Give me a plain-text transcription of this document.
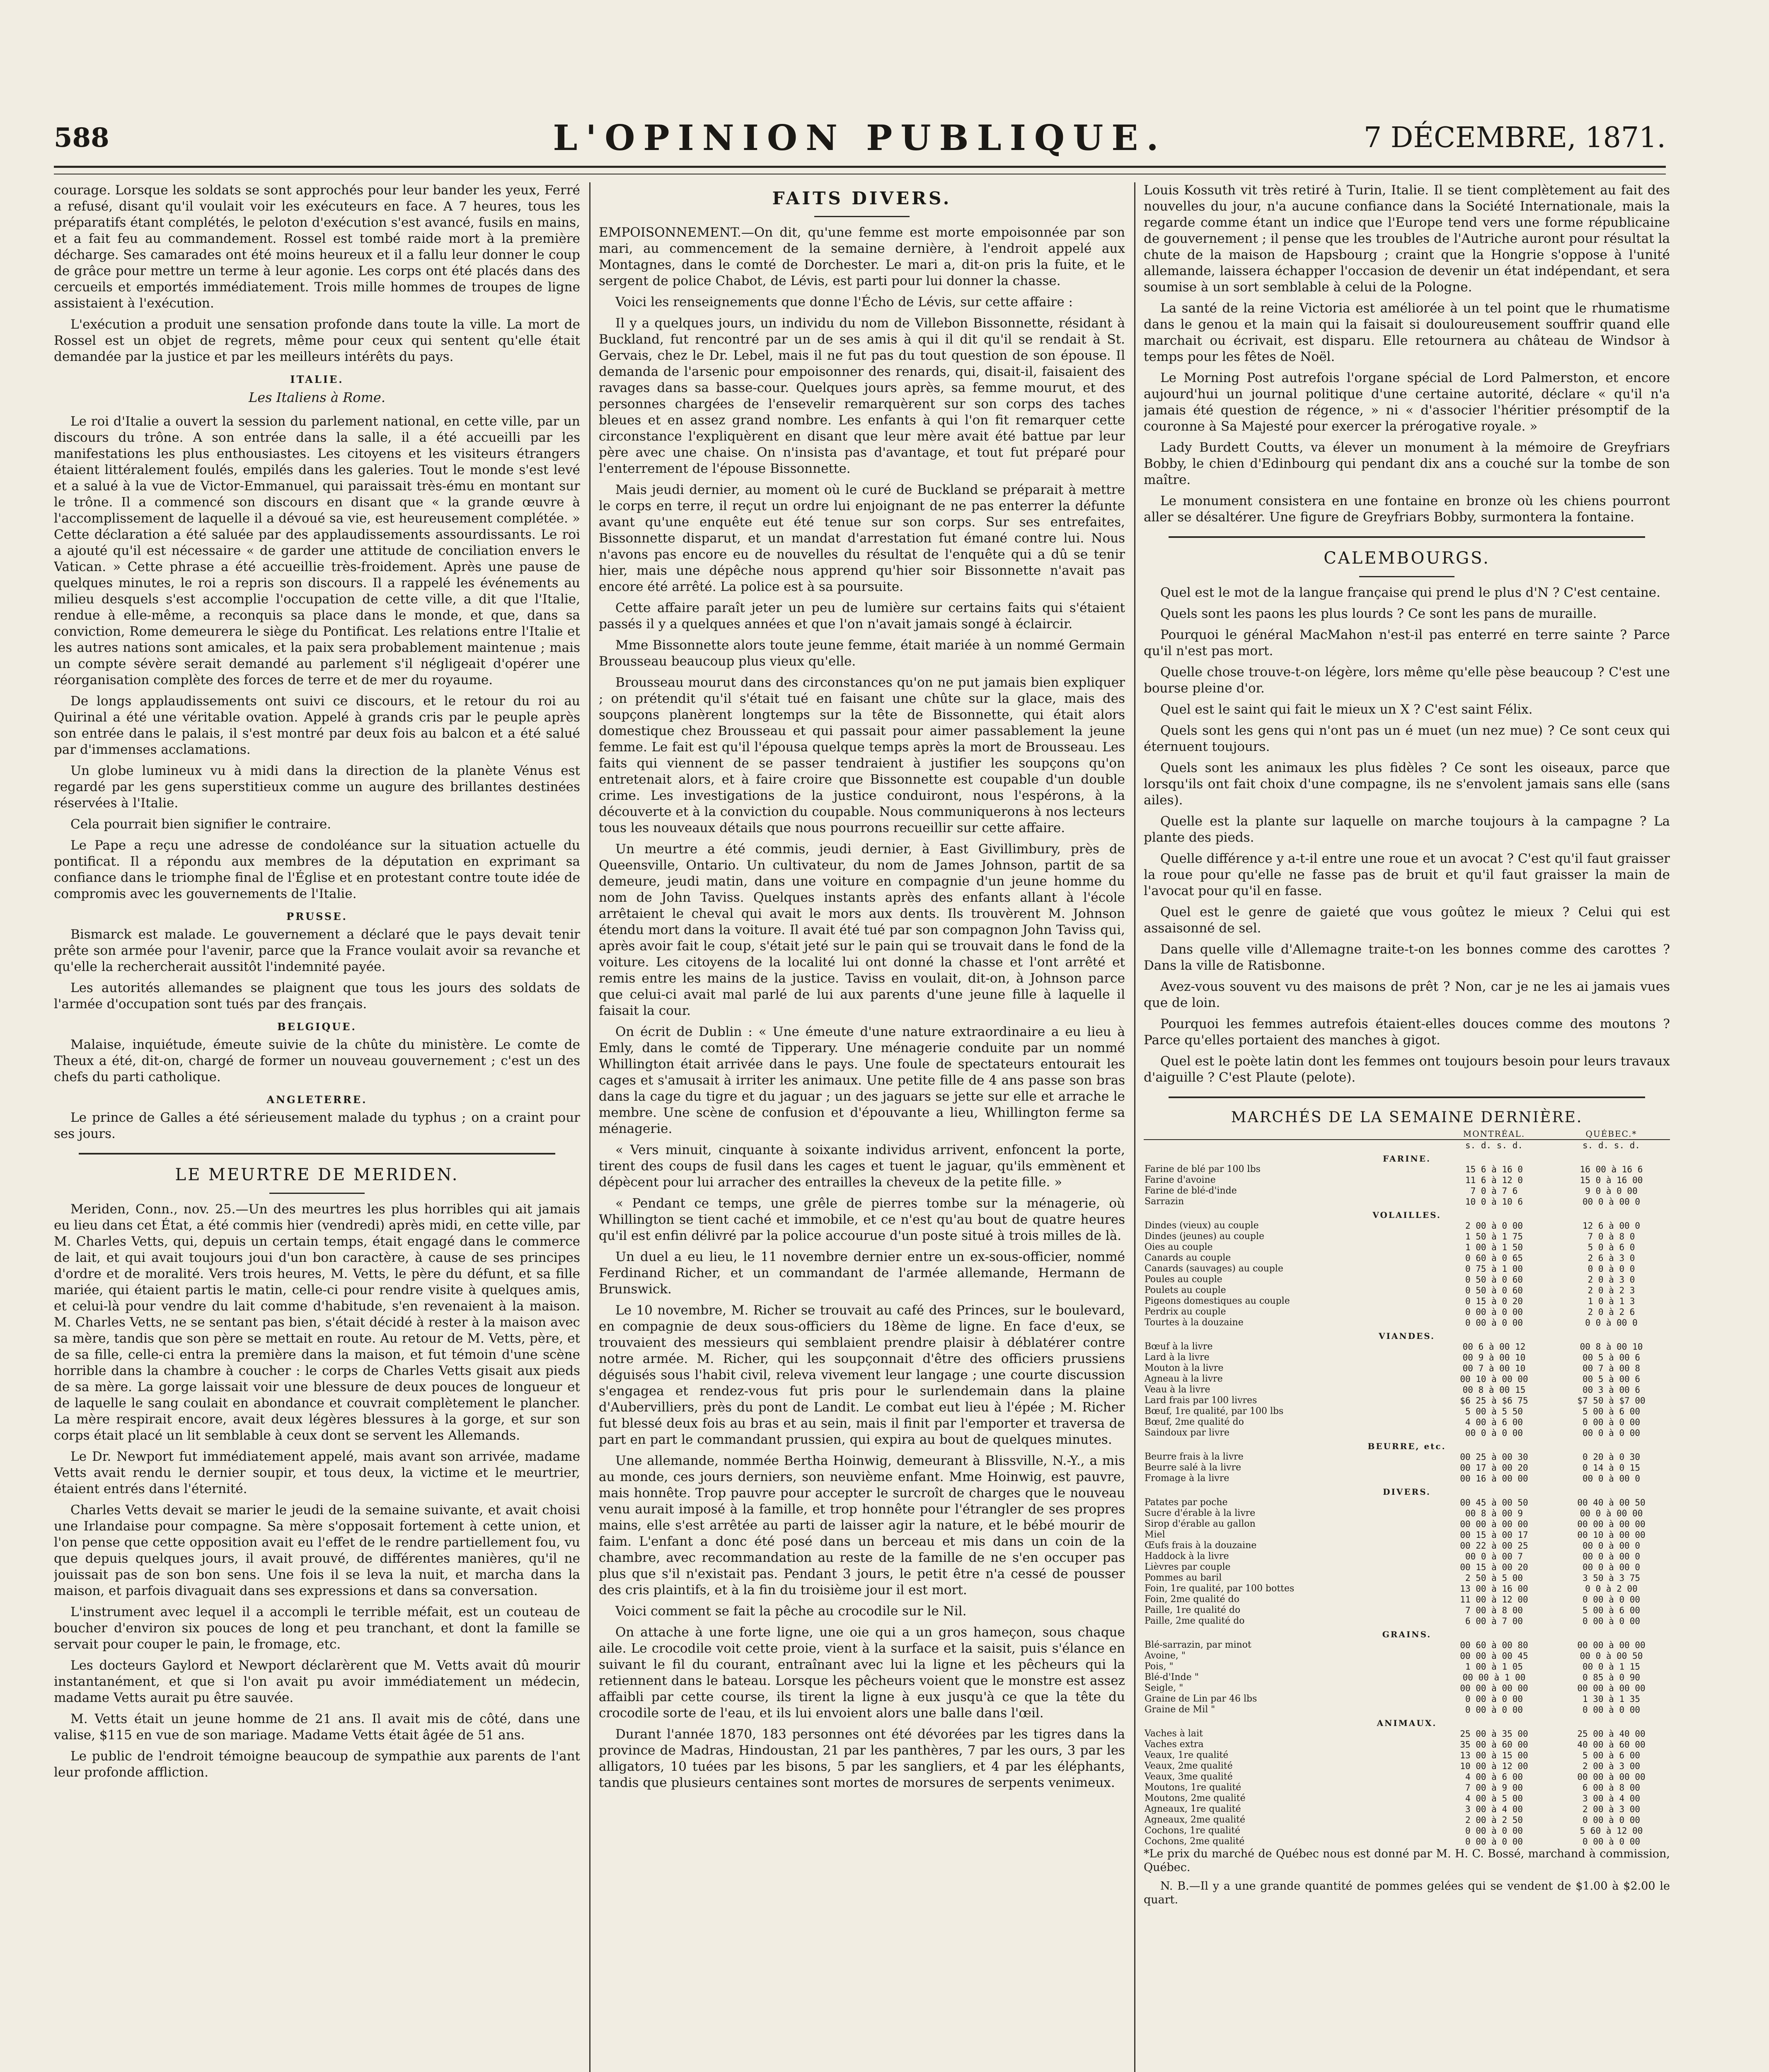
588	L'OPINION PUBLIQUE.	7 DÉCEMBRE, 1871.

courage. Lorsque les soldats se sont approchés pour leur bander les yeux, Ferré a refusé, disant qu'il voulait voir les exécuteurs en face. A 7 heures, tous les préparatifs étant complétés, le peloton d'exécution s'est avancé, fusils en mains, et a fait feu au commandement. Rossel est tombé raide mort à la première décharge. Ses camarades ont été moins heureux et il a fallu leur donner le coup de grâce pour mettre un terme à leur agonie. Les corps ont été placés dans des cercueils et emportés immédiatement. Trois mille hommes de troupes de ligne assistaient à l'exécution.

L'exécution a produit une sensation profonde dans toute la ville. La mort de Rossel est un objet de regrets, même pour ceux qui sentent qu'elle était demandée par la justice et par les meilleurs intérêts du pays.

ITALIE.
Les Italiens à Rome.

Le roi d'Italie a ouvert la session du parlement national, en cette ville, par un discours du trône. A son entrée dans la salle, il a été accueilli par les manifestations les plus enthousiastes. Les citoyens et les visiteurs étrangers étaient littéralement foulés, empilés dans les galeries. Tout le monde s'est levé et a salué à la vue de Victor-Emmanuel, qui paraissait très-ému en montant sur le trône. Il a commencé son discours en disant que « la grande œuvre à l'accomplissement de laquelle il a dévoué sa vie, est heureusement complétée. » Cette déclaration a été saluée par des applaudissements assourdissants. Le roi a ajouté qu'il est nécessaire « de garder une attitude de conciliation envers le Vatican. » Cette phrase a été accueillie très-froidement. Après une pause de quelques minutes, le roi a repris son discours. Il a rappelé les événements au milieu desquels s'est accomplie l'occupation de cette ville, a dit que l'Italie, rendue à elle-même, a reconquis sa place dans le monde, et que, dans sa conviction, Rome demeurera le siège du Pontificat. Les relations entre l'Italie et les autres nations sont amicales, et la paix sera probablement maintenue ; mais un compte sévère serait demandé au parlement s'il négligeait d'opérer une réorganisation complète des forces de terre et de mer du royaume.

De longs applaudissements ont suivi ce discours, et le retour du roi au Quirinal a été une véritable ovation. Appelé à grands cris par le peuple après son entrée dans le palais, il s'est montré par deux fois au balcon et a été salué par d'immenses acclamations.

Un globe lumineux vu à midi dans la direction de la planète Vénus est regardé par les gens superstitieux comme un augure des brillantes destinées réservées à l'Italie.

Cela pourrait bien signifier le contraire.

Le Pape a reçu une adresse de condoléance sur la situation actuelle du pontificat. Il a répondu aux membres de la députation en exprimant sa confiance dans le triomphe final de l'Église et en protestant contre toute idée de compromis avec les gouvernements de l'Italie.

PRUSSE.

Bismarck est malade. Le gouvernement a déclaré que le pays devait tenir prête son armée pour l'avenir, parce que la France voulait avoir sa revanche et qu'elle la rechercherait aussitôt l'indemnité payée.

Les autorités allemandes se plaignent que tous les jours des soldats de l'armée d'occupation sont tués par des français.

BELGIQUE.

Malaise, inquiétude, émeute suivie de la chûte du ministère. Le comte de Theux a été, dit-on, chargé de former un nouveau gouvernement ; c'est un des chefs du parti catholique.

ANGLETERRE.

Le prince de Galles a été sérieusement malade du typhus ; on a craint pour ses jours.

LE MEURTRE DE MERIDEN.

Meriden, Conn., nov. 25.—Un des meurtres les plus horribles qui ait jamais eu lieu dans cet État, a été commis hier (vendredi) après midi, en cette ville, par M. Charles Vetts, qui, depuis un certain temps, était engagé dans le commerce de lait, et qui avait toujours joui d'un bon caractère, à cause de ses principes d'ordre et de moralité. Vers trois heures, M. Vetts, le père du défunt, et sa fille mariée, qui étaient partis le matin, celle-ci pour rendre visite à quelques amis, et celui-là pour vendre du lait comme d'habitude, s'en revenaient à la maison. M. Charles Vetts, ne se sentant pas bien, s'était décidé à rester à la maison avec sa mère, tandis que son père se mettait en route. Au retour de M. Vetts, père, et de sa fille, celle-ci entra la première dans la maison, et fut témoin d'une scène horrible dans la chambre à coucher : le corps de Charles Vetts gisait aux pieds de sa mère. La gorge laissait voir une blessure de deux pouces de longueur et de laquelle le sang coulait en abondance et couvrait complètement le plancher. La mère respirait encore, avait deux légères blessures à la gorge, et sur son corps était placé un lit semblable à ceux dont se servent les Allemands.

Le Dr. Newport fut immédiatement appelé, mais avant son arrivée, madame Vetts avait rendu le dernier soupir, et tous deux, la victime et le meurtrier, étaient entrés dans l'éternité.

Charles Vetts devait se marier le jeudi de la semaine suivante, et avait choisi une Irlandaise pour compagne. Sa mère s'opposait fortement à cette union, et l'on pense que cette opposition avait eu l'effet de le rendre partiellement fou, vu que depuis quelques jours, il avait prouvé, de différentes manières, qu'il ne jouissait pas de son bon sens. Une fois il se leva la nuit, et marcha dans la maison, et parfois divaguait dans ses expressions et dans sa conversation.

L'instrument avec lequel il a accompli le terrible méfait, est un couteau de boucher d'environ six pouces de long et peu tranchant, et dont la famille se servait pour couper le pain, le fromage, etc.

Les docteurs Gaylord et Newport déclarèrent que M. Vetts avait dû mourir instantanément, et que si l'on avait pu avoir immédiatement un médecin, madame Vetts aurait pu être sauvée.

M. Vetts était un jeune homme de 21 ans. Il avait mis de côté, dans une valise, $115 en vue de son mariage. Madame Vetts était âgée de 51 ans.

Le public de l'endroit témoigne beaucoup de sympathie aux parents de l'ant leur profonde affliction.

FAITS DIVERS.

EMPOISONNEMENT.—On dit, qu'une femme est morte empoisonnée par son mari, au commencement de la semaine dernière, à l'endroit appelé aux Montagnes, dans le comté de Dorchester. Le mari a, dit-on pris la fuite, et le sergent de police Chabot, de Lévis, est parti pour lui donner la chasse.

Voici les renseignements que donne l'Écho de Lévis, sur cette affaire :

Il y a quelques jours, un individu du nom de Villebon Bissonnette, résidant à Buckland, fut rencontré par un de ses amis à qui il dit qu'il se rendait à St. Gervais, chez le Dr. Lebel, mais il ne fut pas du tout question de son épouse. Il demanda de l'arsenic pour empoisonner des renards, qui, disait-il, faisaient des ravages dans sa basse-cour. Quelques jours après, sa femme mourut, et des personnes chargées de l'ensevelir remarquèrent sur son corps des taches bleues et en assez grand nombre. Les enfants à qui l'on fit remarquer cette circonstance l'expliquèrent en disant que leur mère avait été battue par leur père avec une chaise. On n'insista pas d'avantage, et tout fut préparé pour l'enterrement de l'épouse Bissonnette.

Mais jeudi dernier, au moment où le curé de Buckland se préparait à mettre le corps en terre, il reçut un ordre lui enjoignant de ne pas enterrer la défunte avant qu'une enquête eut été tenue sur son corps. Sur ses entrefaites, Bissonnette disparut, et un mandat d'arrestation fut émané contre lui. Nous n'avons pas encore eu de nouvelles du résultat de l'enquête qui a dû se tenir hier, mais une dépêche nous apprend qu'hier soir Bissonnette n'avait pas encore été arrêté. La police est à sa poursuite.

Cette affaire paraît jeter un peu de lumière sur certains faits qui s'étaient passés il y a quelques années et que l'on n'avait jamais songé à éclaircir.

Mme Bissonnette alors toute jeune femme, était mariée à un nommé Germain Brousseau beaucoup plus vieux qu'elle.

Brousseau mourut dans des circonstances qu'on ne put jamais bien expliquer ; on prétendit qu'il s'était tué en faisant une chûte sur la glace, mais des soupçons planèrent longtemps sur la tête de Bissonnette, qui était alors domestique chez Brousseau et qui passait pour aimer passablement la jeune femme. Le fait est qu'il l'épousa quelque temps après la mort de Brousseau. Les faits qui viennent de se passer tendraient à justifier les soupçons qu'on entretenait alors, et à faire croire que Bissonnette est coupable d'un double crime. Les investigations de la justice conduiront, nous l'espérons, à la découverte et à la conviction du coupable. Nous communiquerons à nos lecteurs tous les nouveaux détails que nous pourrons recueillir sur cette affaire.

Un meurtre a été commis, jeudi dernier, à East Givillimbury, près de Queensville, Ontario. Un cultivateur, du nom de James Johnson, partit de sa demeure, jeudi matin, dans une voiture en compagnie d'un jeune homme du nom de John Taviss. Quelques instants après des enfants allant à l'école arrêtaient le cheval qui avait le mors aux dents. Ils trouvèrent M. Johnson étendu mort dans la voiture. Il avait été tué par son compagnon John Taviss qui, après avoir fait le coup, s'était jeté sur le pain qui se trouvait dans le fond de la voiture. Les citoyens de la localité lui ont donné la chasse et l'ont arrêté et remis entre les mains de la justice. Taviss en voulait, dit-on, à Johnson parce que celui-ci avait mal parlé de lui aux parents d'une jeune fille à laquelle il faisait la cour.

On écrit de Dublin : « Une émeute d'une nature extraordinaire a eu lieu à Emly, dans le comté de Tipperary. Une ménagerie conduite par un nommé Whillington était arrivée dans le pays. Une foule de spectateurs entourait les cages et s'amusait à irriter les animaux. Une petite fille de 4 ans passe son bras dans la cage du tigre et du jaguar ; un des jaguars se jette sur elle et arrache le membre. Une scène de confusion et d'épouvante a lieu, Whillington ferme sa ménagerie.

« Vers minuit, cinquante à soixante individus arrivent, enfoncent la porte, tirent des coups de fusil dans les cages et tuent le jaguar, qu'ils emmènent et dépècent pour lui arracher des entrailles la cheveux de la petite fille. »

« Pendant ce temps, une grêle de pierres tombe sur la ménagerie, où Whillington se tient caché et immobile, et ce n'est qu'au bout de quatre heures qu'il est enfin délivré par la police accourue d'un poste situé à trois milles de là.

Un duel a eu lieu, le 11 novembre dernier entre un ex-sous-officier, nommé Ferdinand Richer, et un commandant de l'armée allemande, Hermann de Brunswick.

Le 10 novembre, M. Richer se trouvait au café des Princes, sur le boulevard, en compagnie de deux sous-officiers du 18ème de ligne. En face d'eux, se trouvaient des messieurs qui semblaient prendre plaisir à déblatérer contre notre armée. M. Richer, qui les soupçonnait d'être des officiers prussiens déguisés sous l'habit civil, releva vivement leur langage ; une courte discussion s'engagea et rendez-vous fut pris pour le surlendemain dans la plaine d'Aubervilliers, près du pont de Landit. Le combat eut lieu à l'épée ; M. Richer fut blessé deux fois au bras et au sein, mais il finit par l'emporter et traversa de part en part le commandant prussien, qui expira au bout de quelques minutes.

Une allemande, nommée Bertha Hoinwig, demeurant à Blissville, N.-Y., a mis au monde, ces jours derniers, son neuvième enfant. Mme Hoinwig, est pauvre, mais honnête. Trop pauvre pour accepter le surcroît de charges que le nouveau venu aurait imposé à la famille, et trop honnête pour l'étrangler de ses propres mains, elle s'est arrêtée au parti de laisser agir la nature, et le bébé mourir de faim. L'enfant a donc été posé dans un berceau et mis dans un coin de la chambre, avec recommandation au reste de la famille de ne s'en occuper pas plus que s'il n'existait pas. Pendant 3 jours, le petit être n'a cessé de pousser des cris plaintifs, et à la fin du troisième jour il est mort.

Voici comment se fait la pêche au crocodile sur le Nil.

On attache à une forte ligne, une oie qui a un gros hameçon, sous chaque aile. Le crocodile voit cette proie, vient à la surface et la saisit, puis s'élance en suivant le fil du courant, entraînant avec lui la ligne et les pêcheurs qui la retiennent dans le bateau. Lorsque les pêcheurs voient que le monstre est assez affaibli par cette course, ils tirent la ligne à eux jusqu'à ce que la tête du crocodile sorte de l'eau, et ils lui envoient alors une balle dans l'œil.

Durant l'année 1870, 183 personnes ont été dévorées par les tigres dans la province de Madras, Hindoustan, 21 par les panthères, 7 par les ours, 3 par les alligators, 10 tuées par les bisons, 5 par les sangliers, et 4 par les éléphants, tandis que plusieurs centaines sont mortes de morsures de serpents venimeux.

Louis Kossuth vit très retiré à Turin, Italie. Il se tient complètement au fait des nouvelles du jour, n'a aucune confiance dans la Société Internationale, mais la regarde comme étant un indice que l'Europe tend vers une forme républicaine de gouvernement ; il pense que les troubles de l'Autriche auront pour résultat la chute de la maison de Hapsbourg ; craint que la Hongrie s'oppose à l'unité allemande, laissera échapper l'occasion de devenir un état indépendant, et sera soumise à un sort semblable à celui de la Pologne.

La santé de la reine Victoria est améliorée à un tel point que le rhumatisme dans le genou et la main qui la faisait si douloureusement souffrir quand elle marchait ou écrivait, est disparu. Elle retournera au château de Windsor à temps pour les fêtes de Noël.

Le Morning Post autrefois l'organe spécial de Lord Palmerston, et encore aujourd'hui un journal politique d'une certaine autorité, déclare « qu'il n'a jamais été question de régence, » ni « d'associer l'héritier présomptif de la couronne à Sa Majesté pour exercer la prérogative royale. »

Lady Burdett Coutts, va élever un monument à la mémoire de Greyfriars Bobby, le chien d'Edinbourg qui pendant dix ans a couché sur la tombe de son maître.

Le monument consistera en une fontaine en bronze où les chiens pourront aller se désaltérer. Une figure de Greyfriars Bobby, surmontera la fontaine.

CALEMBOURGS.

Quel est le mot de la langue française qui prend le plus d'N ? C'est centaine.

Quels sont les paons les plus lourds ? Ce sont les pans de muraille.

Pourquoi le général MacMahon n'est-il pas enterré en terre sainte ? Parce qu'il n'est pas mort.

Quelle chose trouve-t-on légère, lors même qu'elle pèse beaucoup ? C'est une bourse pleine d'or.

Quel est le saint qui fait le mieux un X ? C'est saint Félix.

Quels sont les gens qui n'ont pas un é muet (un nez mue) ? Ce sont ceux qui éternuent toujours.

Quels sont les animaux les plus fidèles ? Ce sont les oiseaux, parce que lorsqu'ils ont fait choix d'une compagne, ils ne s'envolent jamais sans elle (sans ailes).

Quelle est la plante sur laquelle on marche toujours à la campagne ? La plante des pieds.

Quelle différence y a-t-il entre une roue et un avocat ? C'est qu'il faut graisser la roue pour qu'elle ne fasse pas de bruit et qu'il faut graisser la main de l'avocat pour qu'il en fasse.

Quel est le genre de gaieté que vous goûtez le mieux ? Celui qui est assaisonné de sel.

Dans quelle ville d'Allemagne traite-t-on les bonnes comme des carottes ? Dans la ville de Ratisbonne.

Avez-vous souvent vu des maisons de prêt ? Non, car je ne les ai jamais vues que de loin.

Pourquoi les femmes autrefois étaient-elles douces comme des moutons ? Parce qu'elles portaient des manches à gigot.

Quel est le poète latin dont les femmes ont toujours besoin pour leurs travaux d'aiguille ? C'est Plaute (pelote).

MARCHÉS DE LA SEMAINE DERNIÈRE.
	MONTRÉAL.	QUÉBEC.*
	s. d. s. d.	s. d. s. d.
FARINE.		
Farine de blé par 100 lbs	15 6 à 16 0	16 00 à 16 6
Farine d'avoine	11 6 à 12 0	15 0 à 16 00
Farine de blé-d'inde	7 0 à 7 6	9 0 à 0 00
Sarrazin	10 0 à 10 6	00 0 à 00 0
VOLAILLES.		
Dindes (vieux) au couple	2 00 à 0 00	12 6 à 00 0
Dindes (jeunes) au couple	1 50 à 1 75	7 0 à 8 0
Oies au couple	1 00 à 1 50	5 0 à 6 0
Canards au couple	0 60 à 0 65	2 6 à 3 0
Canards (sauvages) au couple	0 75 à 1 00	0 0 à 0 0
Poules au couple	0 50 à 0 60	2 0 à 3 0
Poulets au couple	0 50 à 0 60	2 0 à 2 3
Pigeons domestiques au couple	0 15 à 0 20	1 0 à 1 3
Perdrix au couple	0 00 à 0 00	2 0 à 2 6
Tourtes à la douzaine	0 00 à 0 00	0 0 à 00 0
VIANDES.		
Bœuf à la livre	00 6 à 00 12	00 8 à 00 10
Lard à la livre	00 9 à 00 10	00 5 à 00 6
Mouton à la livre	00 7 à 00 10	00 7 à 00 8
Agneau à la livre	00 10 à 00 00	00 5 à 00 6
Veau à la livre	00 8 à 00 15	00 3 à 00 6
Lard frais par 100 livres	$6 25 à $6 75	$7 50 à $7 00
Bœuf, 1re qualité, par 100 lbs	5 00 à 5 50	5 00 à 6 00
Bœuf, 2me qualité do	4 00 à 6 00	0 00 à 0 00
Saindoux par livre	00 0 à 0 00	00 0 à 0 00
BEURRE, etc.		
Beurre frais à la livre	00 25 à 00 30	0 20 à 0 30
Beurre salé à la livre	00 17 à 00 20	0 14 à 0 15
Fromage à la livre	00 16 à 00 00	00 0 à 00 0
DIVERS.		
Patates par poche	00 45 à 00 50	00 40 à 00 50
Sucre d'érable à la livre	00 8 à 00 9	00 0 à 00 00
Sirop d'érable au gallon	00 00 à 00 00	00 00 à 00 00
Miel	00 15 à 00 17	00 10 à 00 00
Œufs frais à la douzaine	00 22 à 00 25	00 0 à 00 0
Haddock à la livre	00 0 à 00 7	00 0 à 00 0
Lièvres par couple	00 15 à 00 20	00 0 à 00 0
Pommes au baril	2 50 à 5 00	3 50 à 3 75
Foin, 1re qualité, par 100 bottes	13 00 à 16 00	0 0 à 2 00
Foin, 2me qualité do	11 00 à 12 00	0 00 à 0 00
Paille, 1re qualité do	7 00 à 8 00	5 00 à 6 00
Paille, 2me qualité do	6 00 à 7 00	0 00 à 0 00
GRAINS.		
Blé-sarrazin, par minot	00 60 à 00 80	00 00 à 00 00
Avoine, "	00 00 à 00 45	00 0 à 00 50
Pois, "	1 00 à 1 05	00 0 à 1 15
Blé-d'Inde "	00 00 à 1 00	0 85 à 0 90
Seigle, "	00 00 à 00 00	00 00 à 00 00
Graine de Lin par 46 lbs	0 00 à 0 00	1 30 à 1 35
Graine de Mil "	0 00 à 0 00	0 00 à 0 00
ANIMAUX.		
Vaches à lait	25 00 à 35 00	25 00 à 40 00
Vaches extra	35 00 à 60 00	40 00 à 60 00
Veaux, 1re qualité	13 00 à 15 00	5 00 à 6 00
Veaux, 2me qualité	10 00 à 12 00	2 00 à 3 00
Veaux, 3me qualité	4 00 à 6 00	00 00 à 00 00
Moutons, 1re qualité	7 00 à 9 00	6 00 à 8 00
Moutons, 2me qualité	4 00 à 5 00	3 00 à 4 00
Agneaux, 1re qualité	3 00 à 4 00	2 00 à 3 00
Agneaux, 2me qualité	2 00 à 2 50	0 00 à 0 00
Cochons, 1re qualité	0 00 à 0 00	5 60 à 12 00
Cochons, 2me qualité	0 00 à 0 00	0 00 à 0 00

*Le prix du marché de Québec nous est donné par M. H. C. Bossé, marchand à commission, Québec.

N. B.—Il y a une grande quantité de pommes gelées qui se vendent de $1.00 à $2.00 le quart.
